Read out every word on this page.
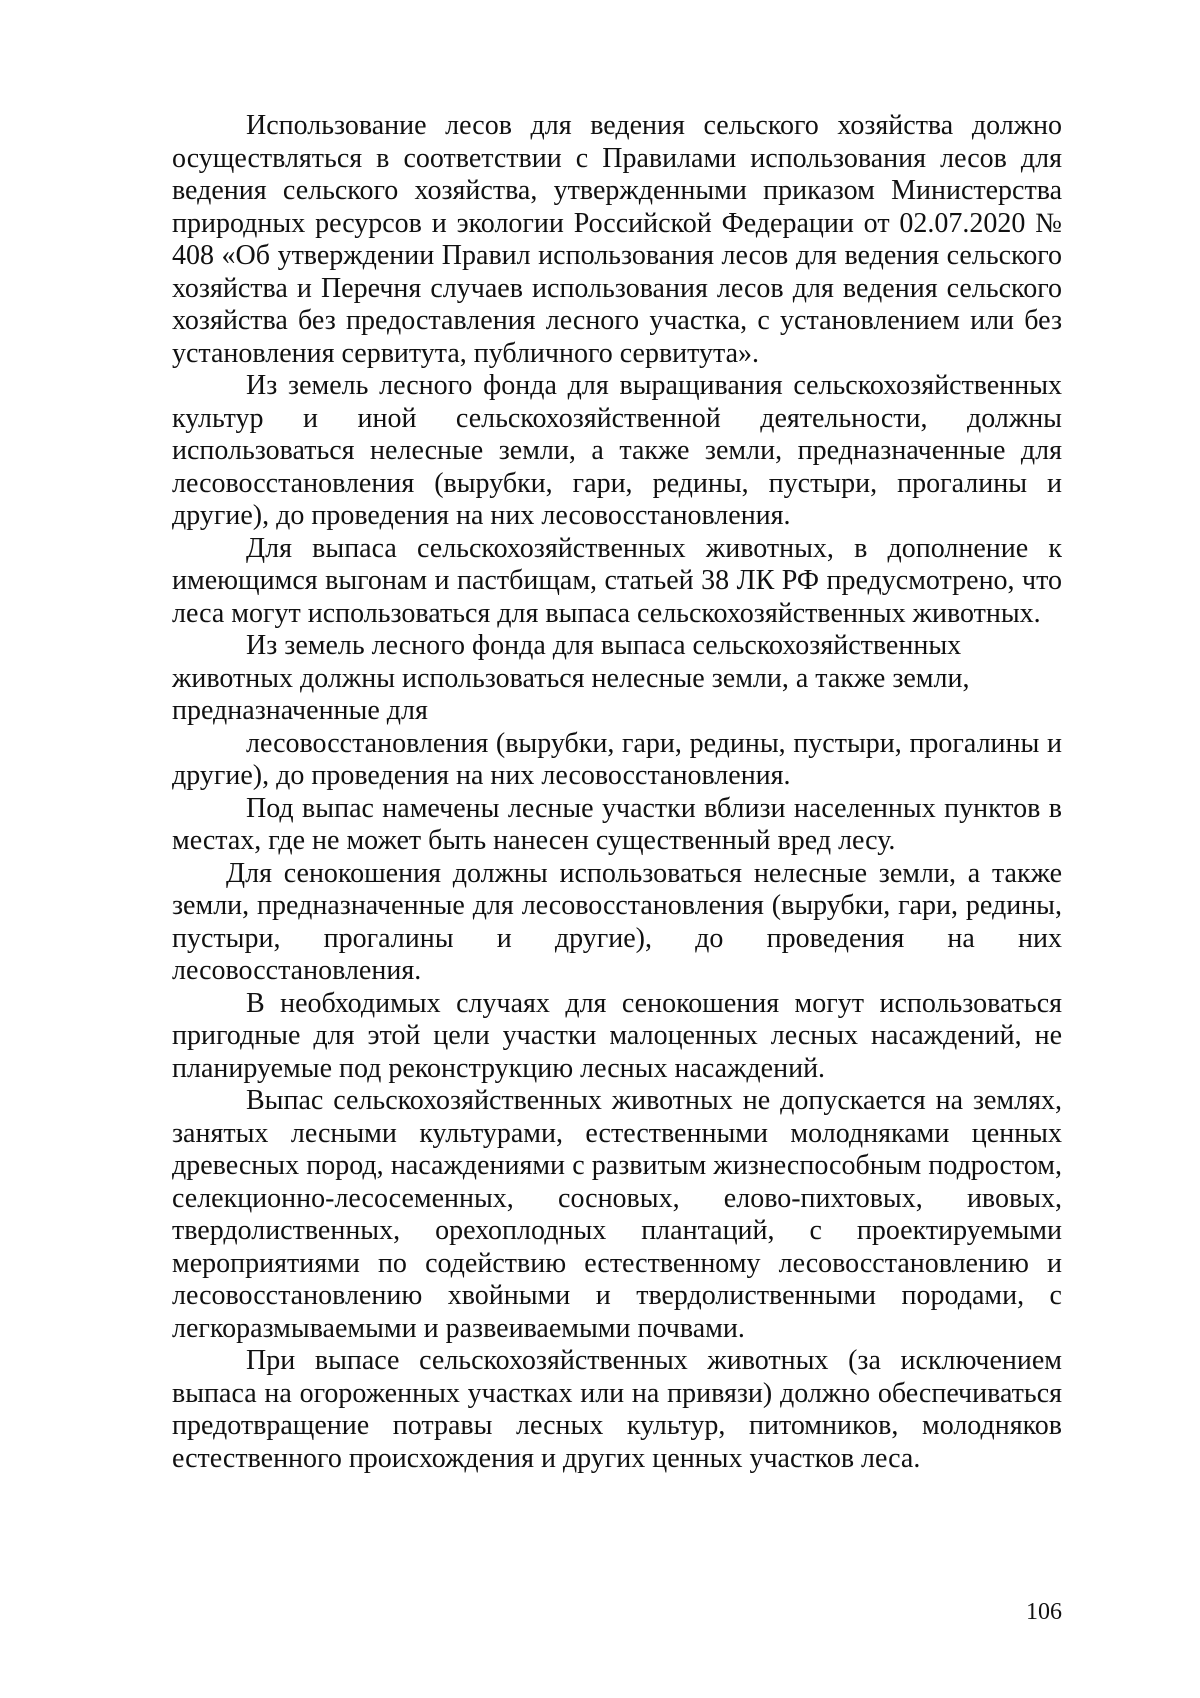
Использование лесов для ведения сельского хозяйства должно осуществляться в соответствии с Правилами использования лесов для ведения сельского хозяйства, утвержденными приказом Министерства природных ресурсов и экологии Российской Федерации от 02.07.2020 № 408 «Об утверждении Правил использования лесов для ведения сельского хозяйства и Перечня случаев использования лесов для ведения сельского хозяйства без предоставления лесного участка, с установлением или без установления сервитута, публичного сервитута».

Из земель лесного фонда для выращивания сельскохозяйственных культур и иной сельскохозяйственной деятельности, должны использоваться нелесные земли, а также земли, предназначенные для лесовосстановления (вырубки, гари, редины, пустыри, прогалины и другие), до проведения на них лесовосстановления.

Для выпаса сельскохозяйственных животных, в дополнение к имеющимся выгонам и пастбищам, статьей 38 ЛК РФ предусмотрено, что леса могут использоваться для выпаса сельскохозяйственных животных.

Из земель лесного фонда для выпаса сельскохозяйственных животных должны использоваться нелесные земли, а также земли, предназначенные для

лесовосстановления (вырубки, гари, редины, пустыри, прогалины и другие), до проведения на них лесовосстановления.

Под выпас намечены лесные участки вблизи населенных пунктов в местах, где не может быть нанесен существенный вред лесу.

Для сенокошения должны использоваться нелесные земли, а также земли, предназначенные для лесовосстановления (вырубки, гари, редины, пустыри, прогалины и другие), до проведения на них лесовосстановления.

В необходимых случаях для сенокошения могут использоваться пригодные для этой цели участки малоценных лесных насаждений, не планируемые под реконструкцию лесных насаждений.

Выпас сельскохозяйственных животных не допускается на землях, занятых лесными культурами, естественными молодняками ценных древесных пород, насаждениями с развитым жизнеспособным подростом, селекционно-лесосеменных, сосновых, елово-пихтовых, ивовых, твердолиственных, орехоплодных плантаций, с проектируемыми мероприятиями по содействию естественному лесовосстановлению и лесовосстановлению хвойными и твердолиственными породами, с легкоразмываемыми и развеиваемыми почвами.

При выпасе сельскохозяйственных животных (за исключением выпаса на огороженных участках или на привязи) должно обеспечиваться предотвращение потравы лесных культур, питомников, молодняков естественного происхождения и других ценных участков леса.

106
